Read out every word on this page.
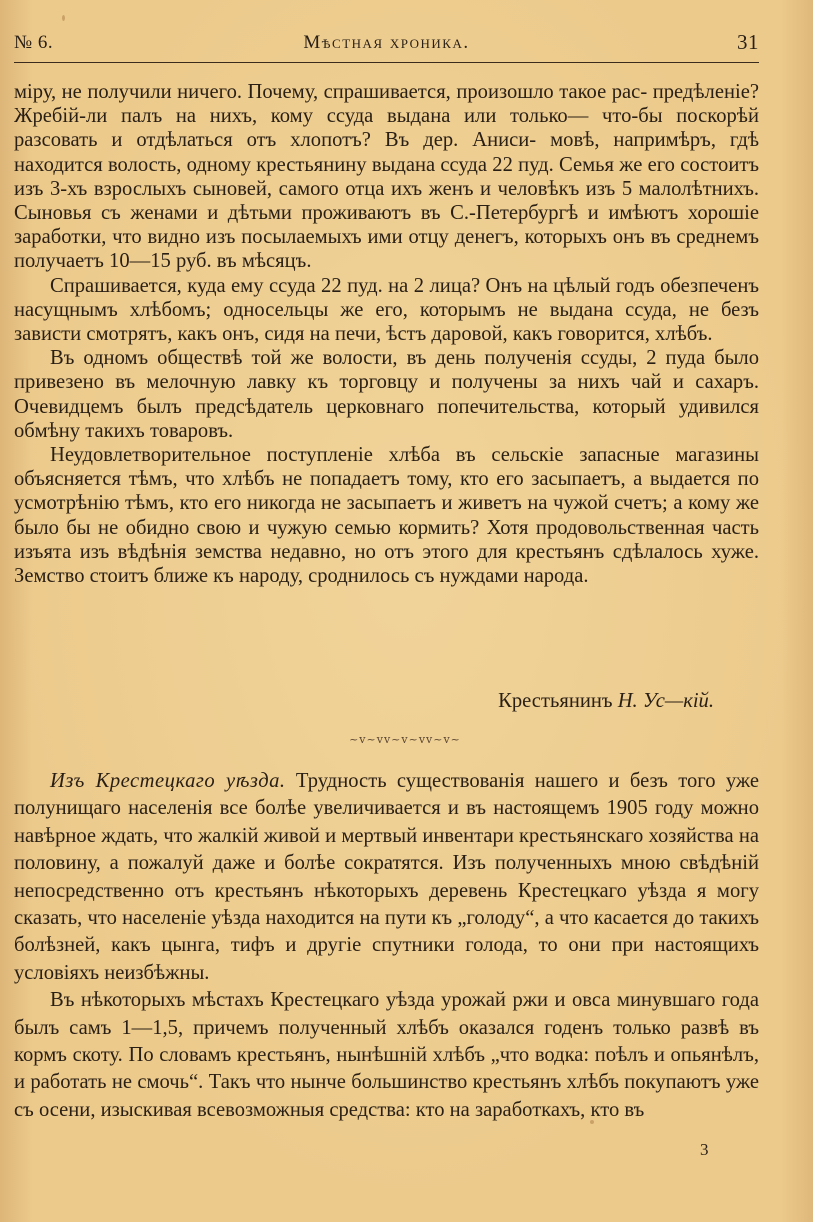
№ 6.	Мѣстная хроника.	31

міру, не получили ничего. Почему, спрашивается, произошло такое рас- предѣленіе? Жребій-ли палъ на нихъ, кому ссуда выдана или только— что-бы поскорѣй разсовать и отдѣлаться отъ хлопотъ? Въ дер. Аниси- мовѣ, напримѣръ, гдѣ находится волость, одному крестьянину выдана ссуда 22 пуд. Семья же его состоитъ изъ 3-хъ взрослыхъ сыновей, самого отца ихъ женъ и человѣкъ изъ 5 малолѣтнихъ. Сыновья съ женами и дѣтьми проживаютъ въ С.-Петербургѣ и имѣютъ хорошіе заработки, что видно изъ посылаемыхъ ими отцу денегъ, которыхъ онъ въ среднемъ получаетъ 10—15 руб. въ мѣсяцъ.

Спрашивается, куда ему ссуда 22 пуд. на 2 лица? Онъ на цѣлый годъ обезпеченъ насущнымъ хлѣбомъ; односельцы же его, которымъ не выдана ссуда, не безъ зависти смотрятъ, какъ онъ, сидя на печи, ѣстъ даровой, какъ говорится, хлѣбъ.

Въ одномъ обществѣ той же волости, въ день полученія ссуды, 2 пуда было привезено въ мелочную лавку къ торговцу и получены за нихъ чай и сахаръ. Очевидцемъ былъ предсѣдатель церковнаго попечительства, который удивился обмѣну такихъ товаровъ.

Неудовлетворительное поступленіе хлѣба въ сельскіе запасные магазины объясняется тѣмъ, что хлѣбъ не попадаетъ тому, кто его засыпаетъ, а выдается по усмотрѣнію тѣмъ, кто его никогда не засыпаетъ и живетъ на чужой счетъ; а кому же было бы не обидно свою и чужую семью кормить? Хотя продовольственная часть изъята изъ вѣдѣнія земства недавно, но отъ этого для крестьянъ сдѣлалось хуже. Земство стоитъ ближе къ народу, сроднилось съ нуждами народа.

Крестьянинъ Н. Ус—кій.
~v~vv~v~vv~v~

Изъ Крестецкаго уѣзда. Трудность существованія нашего и безъ того уже полунищаго населенія все болѣе увеличивается и въ настоящемъ 1905 году можно навѣрное ждать, что жалкій живой и мертвый инвентари крестьянскаго хозяйства на половину, а пожалуй даже и болѣе сократятся. Изъ полученныхъ мною свѣдѣній непосредственно отъ крестьянъ нѣкоторыхъ деревень Крестецкаго уѣзда я могу сказать, что населеніе уѣзда находится на пути къ „голоду“, а что касается до такихъ болѣзней, какъ цынга, тифъ и другіе спутники голода, то они при настоящихъ условіяхъ неизбѣжны.

Въ нѣкоторыхъ мѣстахъ Крестецкаго уѣзда урожай ржи и овса минувшаго года былъ самъ 1—1,5, причемъ полученный хлѣбъ оказался годенъ только развѣ въ кормъ скоту. По словамъ крестьянъ, нынѣшній хлѣбъ „что водка: поѣлъ и опьянѣлъ, и работать не смочь“. Такъ что нынче большинство крестьянъ хлѣбъ покупаютъ уже съ осени, изыскивая всевозможныя средства: кто на заработкахъ, кто въ

3
